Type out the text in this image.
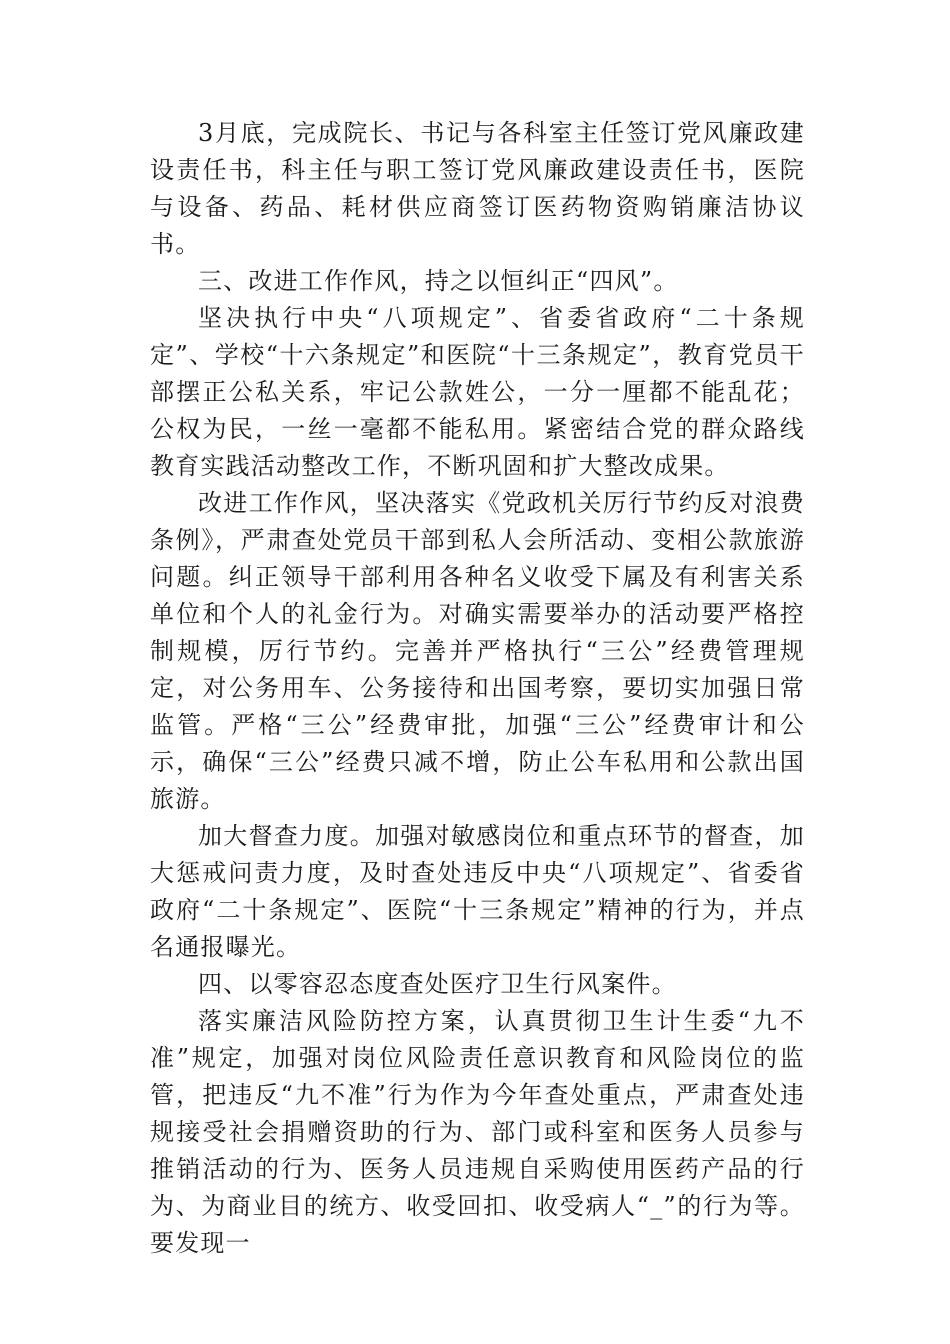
3月底，完成院长、书记与各科室主任签订党风廉政建设责任书，科主任与职工签订党风廉政建设责任书，医院与设备、药品、耗材供应商签订医药物资购销廉洁协议书。

三、改进工作作风，持之以恒纠正“四风”。

坚决执行中央“八项规定”、省委省政府“二十条规定”、学校“十六条规定”和医院“十三条规定”，教育党员干部摆正公私关系，牢记公款姓公，一分一厘都不能乱花；公权为民，一丝一毫都不能私用。紧密结合党的群众路线教育实践活动整改工作，不断巩固和扩大整改成果。

改进工作作风，坚决落实《党政机关厉行节约反对浪费条例》，严肃查处党员干部到私人会所活动、变相公款旅游问题。纠正领导干部利用各种名义收受下属及有利害关系单位和个人的礼金行为。对确实需要举办的活动要严格控制规模，厉行节约。完善并严格执行“三公”经费管理规定，对公务用车、公务接待和出国考察，要切实加强日常监管。严格“三公”经费审批，加强“三公”经费审计和公示，确保“三公”经费只减不增，防止公车私用和公款出国旅游。

加大督查力度。加强对敏感岗位和重点环节的督查，加大惩戒问责力度，及时查处违反中央“八项规定”、省委省政府“二十条规定”、医院“十三条规定”精神的行为，并点名通报曝光。

四、以零容忍态度查处医疗卫生行风案件。

落实廉洁风险防控方案，认真贯彻卫生计生委“九不准”规定，加强对岗位风险责任意识教育和风险岗位的监管，把违反“九不准”行为作为今年查处重点，严肃查处违规接受社会捐赠资助的行为、部门或科室和医务人员参与推销活动的行为、医务人员违规自采购使用医药产品的行为、为商业目的统方、收受回扣、收受病人“_”的行为等。要发现一
